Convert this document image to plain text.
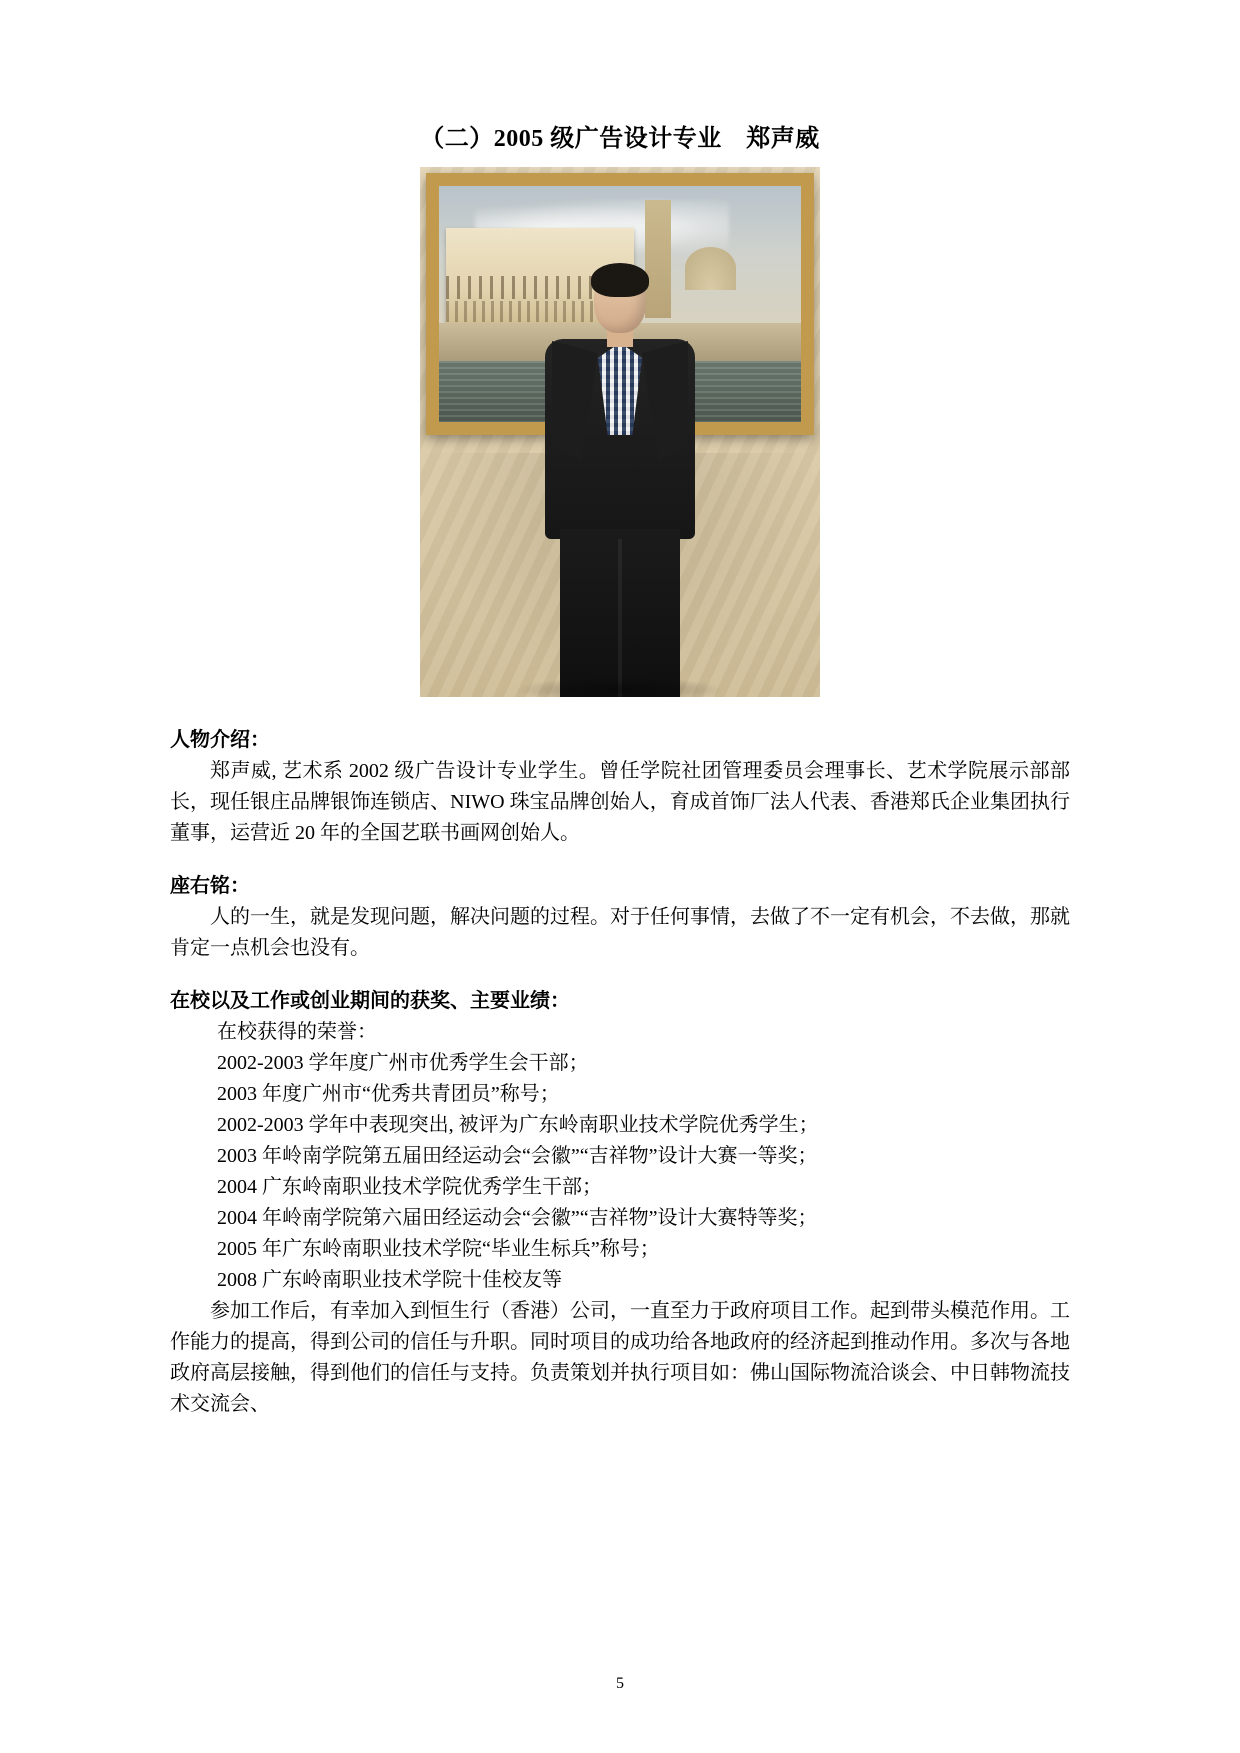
（二）2005 级广告设计专业　郑声威
人物介绍：

郑声威, 艺术系 2002 级广告设计专业学生。曾任学院社团管理委员会理事长、艺术学院展示部部长，现任银庄品牌银饰连锁店、NIWO 珠宝品牌创始人，育成首饰厂法人代表、香港郑氏企业集团执行董事，运营近 20 年的全国艺联书画网创始人。

座右铭：

人的一生，就是发现问题，解决问题的过程。对于任何事情，去做了不一定有机会，不去做，那就肯定一点机会也没有。

在校以及工作或创业期间的获奖、主要业绩：

在校获得的荣誉：

2002-2003 学年度广州市优秀学生会干部；

2003 年度广州市“优秀共青团员”称号；

2002-2003 学年中表现突出, 被评为广东岭南职业技术学院优秀学生；

2003 年岭南学院第五届田经运动会“会徽”“吉祥物”设计大赛一等奖；

2004 广东岭南职业技术学院优秀学生干部；

2004 年岭南学院第六届田经运动会“会徽”“吉祥物”设计大赛特等奖；

2005 年广东岭南职业技术学院“毕业生标兵”称号；

2008 广东岭南职业技术学院十佳校友等

参加工作后，有幸加入到恒生行（香港）公司，一直至力于政府项目工作。起到带头模范作用。工作能力的提高，得到公司的信任与升职。同时项目的成功给各地政府的经济起到推动作用。多次与各地政府高层接触，得到他们的信任与支持。负责策划并执行项目如：佛山国际物流洽谈会、中日韩物流技术交流会、

5
